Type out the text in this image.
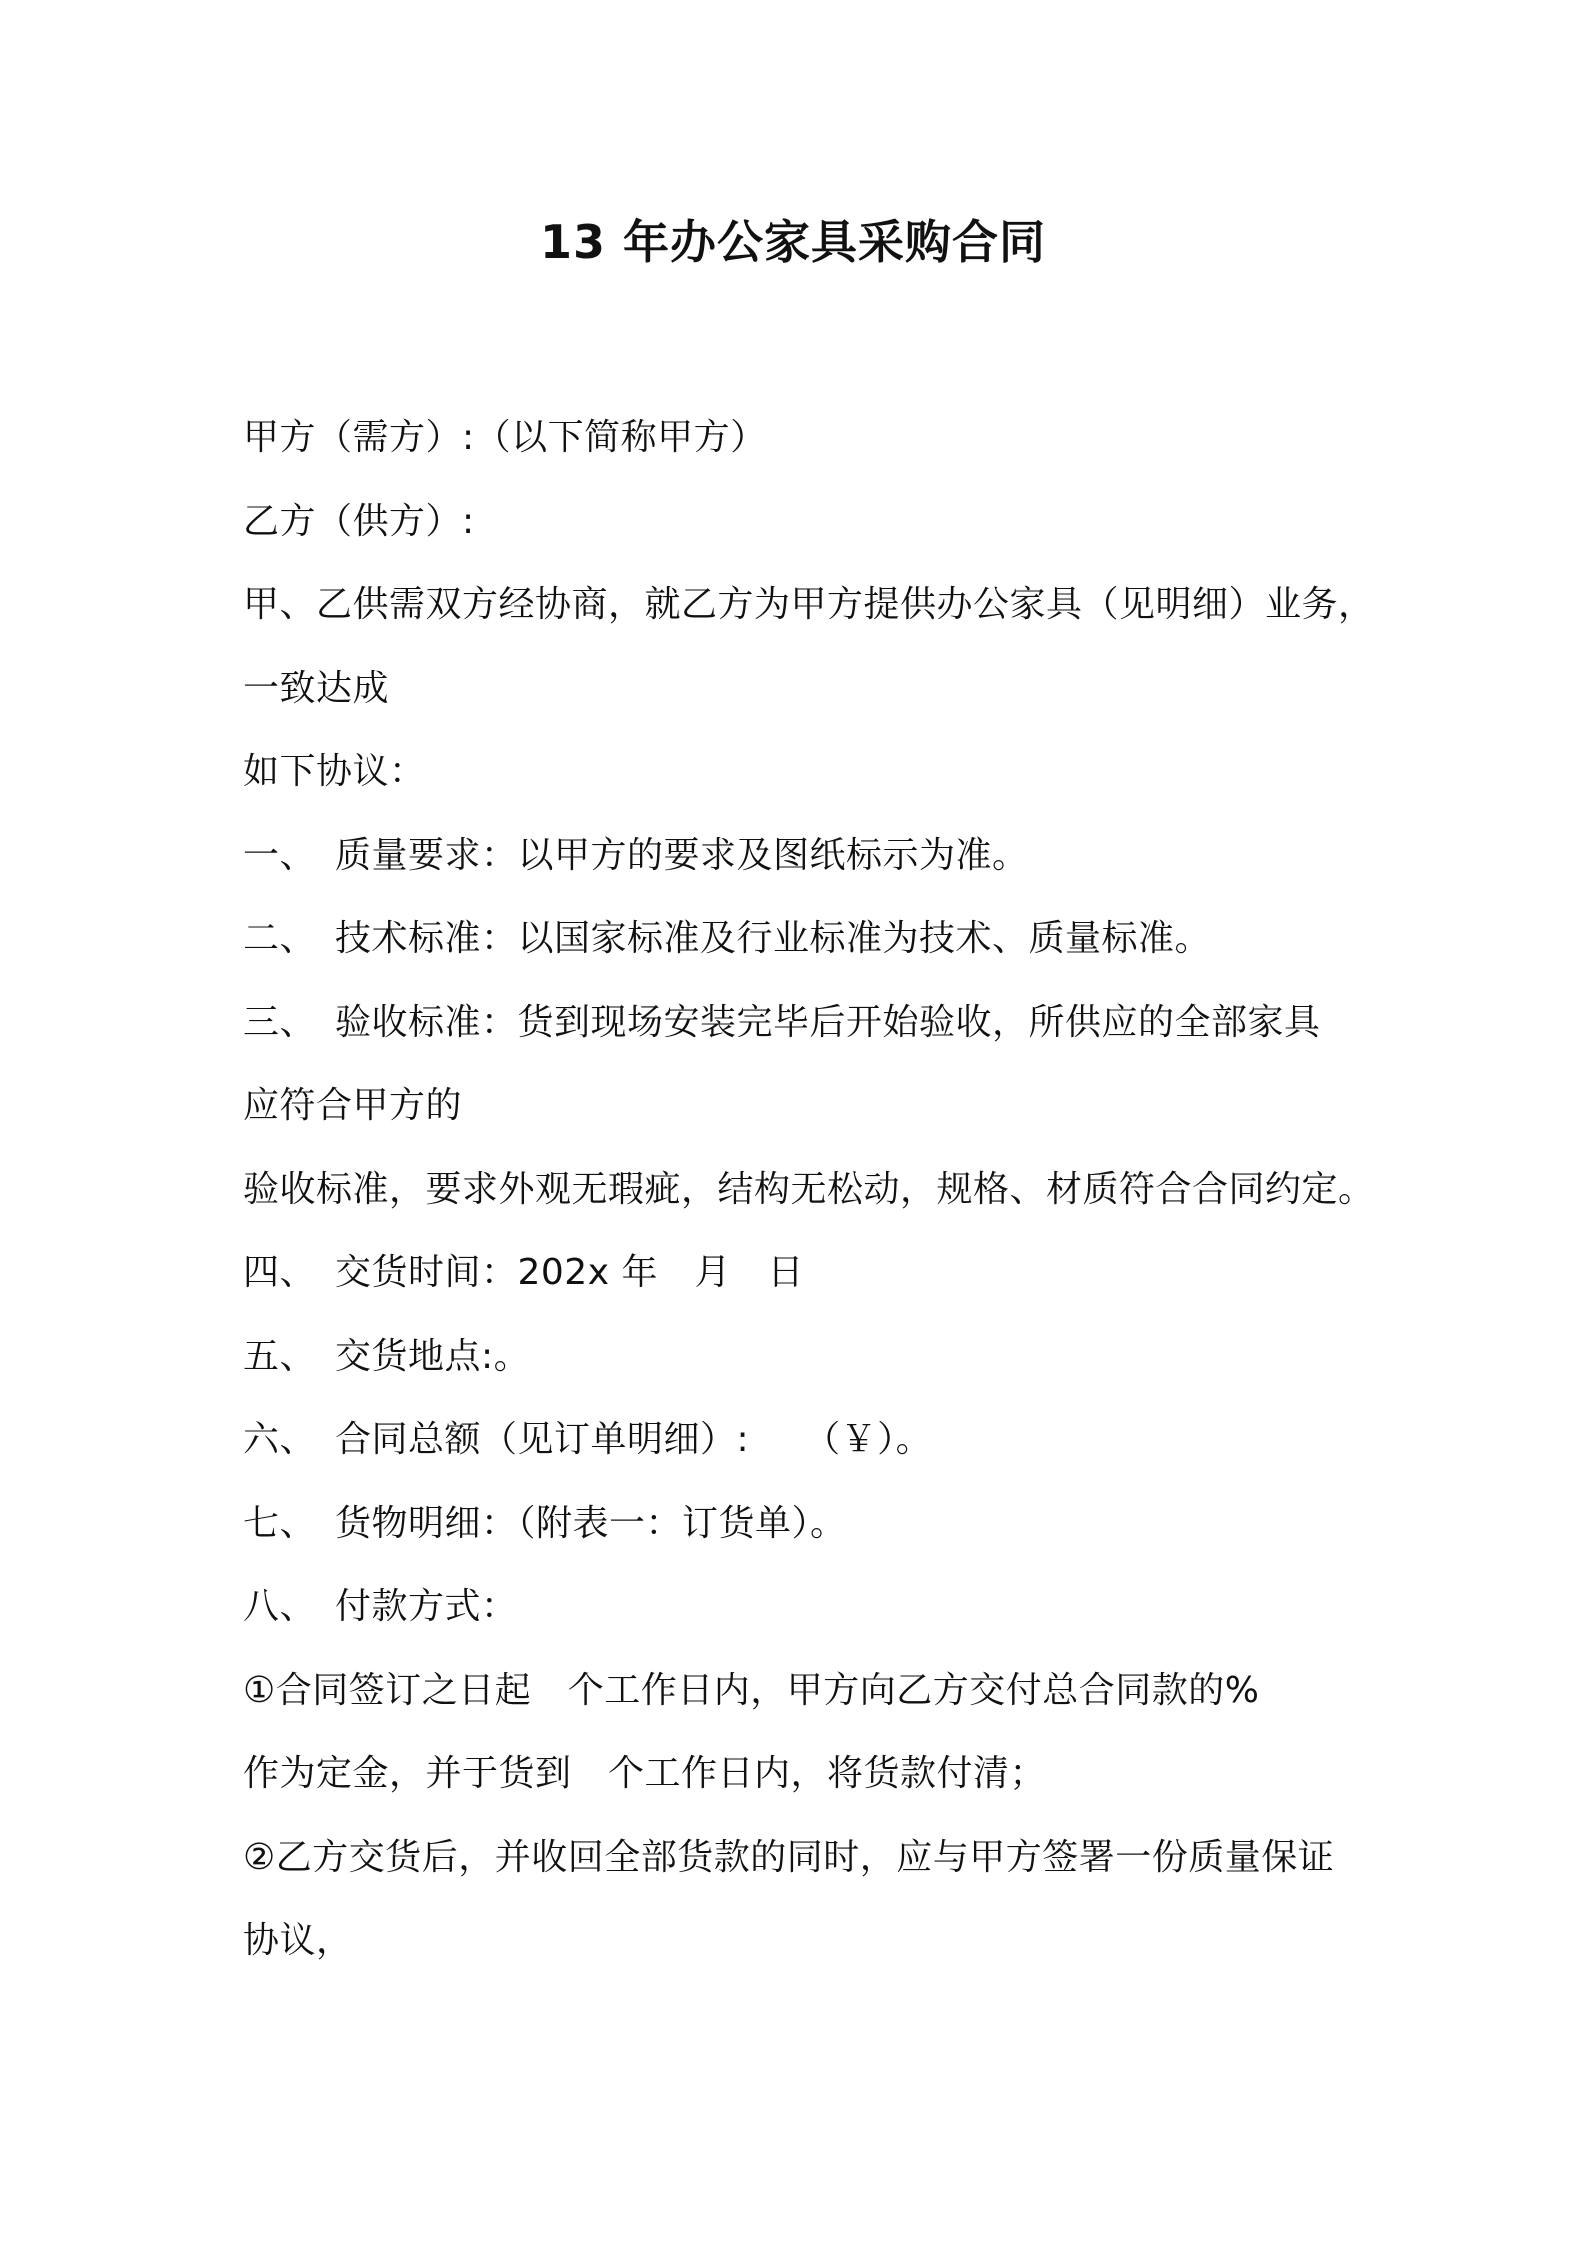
13 年办公家具采购合同
甲方（需方）:（以下简称甲方）
乙方（供方）:
甲、乙供需双方经协商，就乙方为甲方提供办公家具（见明细）业务，
一致达成
如下协议：
一、 质量要求：以甲方的要求及图纸标示为准。
二、 技术标准：以国家标准及行业标准为技术、质量标准。
三、 验收标准：货到现场安装完毕后开始验收，所供应的全部家具
应符合甲方的
验收标准，要求外观无瑕疵，结构无松动，规格、材质符合合同约定。
四、 交货时间：202x 年　月　日
五、 交货地点:。
六、 合同总额（见订单明细）:　　（￥）。
七、 货物明细：（附表一：订货单）。
八、 付款方式：
①合同签订之日起　个工作日内，甲方向乙方交付总合同款的%
作为定金，并于货到　个工作日内，将货款付清；
②乙方交货后，并收回全部货款的同时，应与甲方签署一份质量保证
协议，
